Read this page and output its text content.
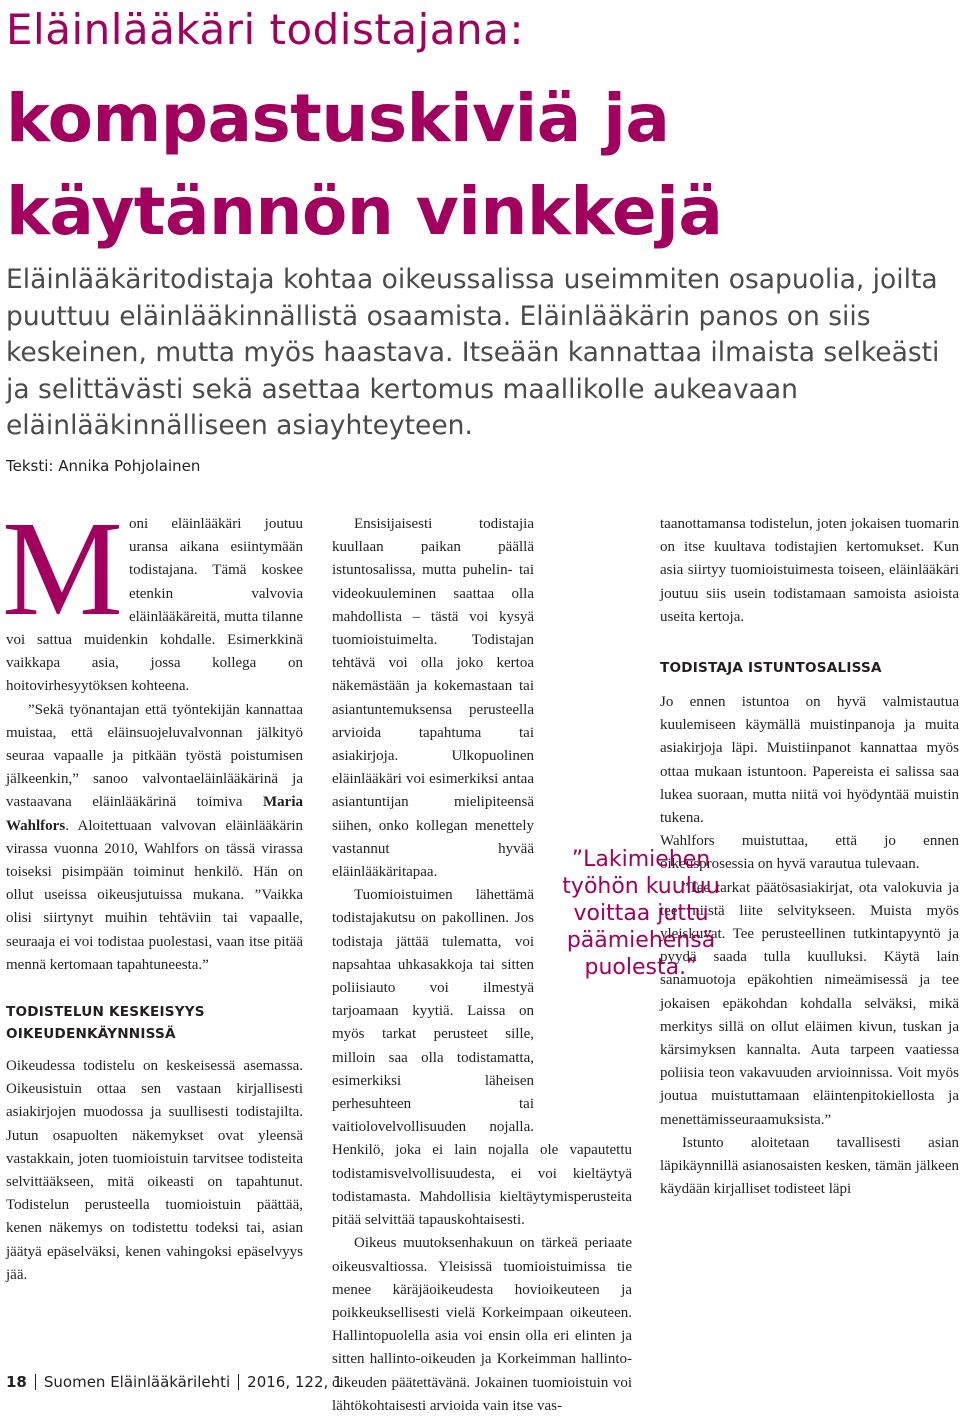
Eläinlääkäri todistajana:
kompastuskiviä ja
käytännön vinkkejä

Eläinlääkäritodistaja kohtaa oikeussalissa useimmiten osapuolia, joilta puuttuu eläinlääkinnällistä osaamista. Eläinlääkärin panos on siis keskeinen, mutta myös haastava. Itseään kannattaa ilmaista selkeästi ja selittävästi sekä asettaa kertomus maallikolle aukeavaan eläinlääkinnälliseen asiayhteyteen.

Teksti: Annika Pohjolainen

Moni eläinlääkäri joutuu uransa aikana esiintymään todistajana. Tämä koskee etenkin valvovia eläinlääkäreitä, mutta tilanne voi sattua muidenkin kohdalle. Esimerkkinä vaikkapa asia, jossa kollega on hoitovirhesyytöksen kohteena.

”Sekä työnantajan että työntekijän kannattaa muistaa, että eläinsuojeluvalvonnan jälkityö seuraa vapaalle ja pitkään työstä poistumisen jälkeenkin,” sanoo valvontaeläinlääkärinä ja vastaavana eläinlääkärinä toimiva Maria Wahlfors. Aloitettuaan valvovan eläinlääkärin virassa vuonna 2010, Wahlfors on tässä virassa toiseksi pisimpään toiminut henkilö. Hän on ollut useissa oikeusjutuissa mukana. ”Vaikka olisi siirtynyt muihin tehtäviin tai vapaalle, seuraaja ei voi todistaa puolestasi, vaan itse pitää mennä kertomaan tapahtuneesta.”

TODISTELUN KESKEISYYS OIKEUDENKÄYNNISSÄ

Oikeudessa todistelu on keskeisessä asemassa. Oikeusistuin ottaa sen vastaan kirjallisesti asiakirjojen muodossa ja suullisesti todistajilta. Jutun osapuolten näkemykset ovat yleensä vastakkain, joten tuomioistuin tarvitsee todisteita selvittääkseen, mitä oikeasti on tapahtunut. Todistelun perusteella tuomioistuin päättää, kenen näkemys on todistettu todeksi tai, asian jäätyä epäselväksi, kenen vahingoksi epäselvyys jää.

Ensisijaisesti todistajia kuullaan paikan päällä istuntosalissa, mutta puhelin- tai videokuuleminen saattaa olla mahdollista – tästä voi kysyä tuomioistuimelta. Todistajan tehtävä voi olla joko kertoa näkemästään ja kokemastaan tai asiantuntemuksensa perusteella arvioida tapahtuma tai asiakirjoja. Ulkopuolinen eläinlääkäri voi esimerkiksi antaa asiantuntijan mielipiteensä siihen, onko kollegan menettely vastannut hyvää eläinlääkäritapaa.

Tuomioistuimen lähettämä todistajakutsu on pakollinen. Jos todistaja jättää tulematta, voi napsahtaa uhkasakkoja tai sitten poliisiauto voi ilmestyä tarjoamaan kyytiä. Laissa on myös tarkat perusteet sille, milloin saa olla todistamatta, esimerkiksi läheisen perhesuhteen tai vaitiolovelvollisuuden nojalla. Henkilö, joka ei lain nojalla ole vapautettu todistamisvelvollisuudesta, ei voi kieltäytyä todistamasta. Mahdollisia kieltäytymisperusteita pitää selvittää tapauskohtaisesti.

Oikeus muutoksenhakuun on tärkeä periaate oikeusvaltiossa. Yleisissä tuomioistuimissa tie menee käräjäoikeudesta hovioikeuteen ja poikkeuksellisesti vielä Korkeimpaan oikeuteen. Hallintopuolella asia voi ensin olla eri elinten ja sitten hallinto-oikeuden ja Korkeimman hallinto-oikeuden päätettävänä. Jokainen tuomioistuin voi lähtökohtaisesti arvioida vain itse vas-

taanottamansa todistelun, joten jokaisen tuomarin on itse kuultava todistajien kertomukset. Kun asia siirtyy tuomioistuimesta toiseen, eläinlääkäri joutuu siis usein todistamaan samoista asioista useita kertoja.

TODISTAJA ISTUNTOSALISSA

Jo ennen istuntoa on hyvä valmistautua kuulemiseen käymällä muistinpanoja ja muita asiakirjoja läpi. Muistiinpanot kannattaa myös ottaa mukaan istuntoon. Papereista ei salissa saa lukea suoraan, mutta niitä voi hyödyntää muistin tukena.

Wahlfors muistuttaa, että jo ennen oikeusprosessia on hyvä varautua tulevaan.

”Tee tarkat päätösasiakirjat, ota valokuvia ja tee niistä liite selvitykseen. Muista myös yleiskuvat. Tee perusteellinen tutkintapyyntö ja pyydä saada tulla kuulluksi. Käytä lain sanamuotoja epäkohtien nimeämisessä ja tee jokaisen epäkohdan kohdalla selväksi, mikä merkitys sillä on ollut eläimen kivun, tuskan ja kärsimyksen kannalta. Auta tarpeen vaatiessa poliisia teon vakavuuden arvioinnissa. Voit myös joutua muistuttamaan eläintenpitokiellosta ja menettämisseuraamuksista.”

Istunto aloitetaan tavallisesti asian läpikäynnillä asianosaisten kesken, tämän jälkeen käydään kirjalliset todisteet läpi

”Lakimiehen
työhön kuuluu
voittaa juttu
päämiehensä
puolesta.”

18 Suomen Eläinlääkärilehti 2016, 122, 1
